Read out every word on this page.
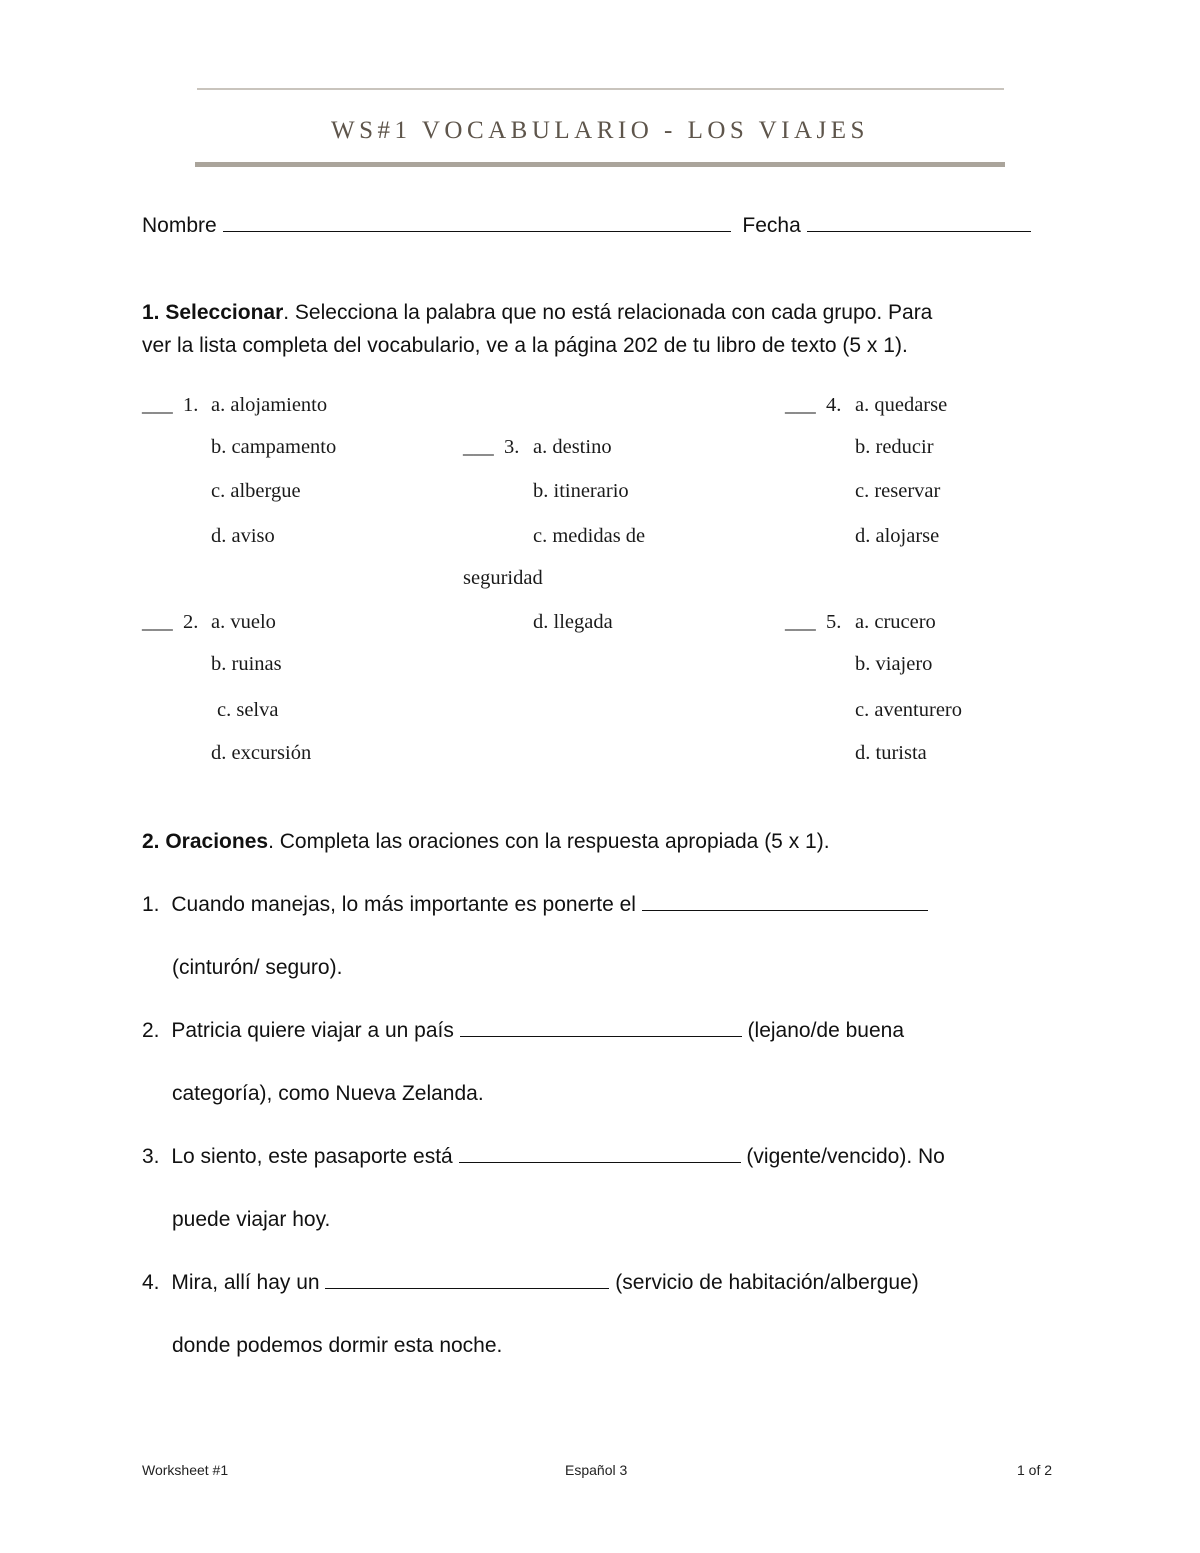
WS#1 VOCABULARIO - LOS VIAJES
Nombre	Fecha
1. Seleccionar. Selecciona la palabra que no está relacionada con cada grupo. Para
ver la lista completa del vocabulario, ve a la página 202 de tu libro de texto (5 x 1).
___ 1. a. alojamiento
b. campamento
c. albergue
d. aviso
___ 2. a. vuelo
b. ruinas
c. selva
d. excursión
___ 3. a. destino
b. itinerario
c. medidas de
seguridad
d. llegada
___ 4. a. quedarse
b. reducir
c. reservar
d. alojarse
___ 5. a. crucero
b. viajero
c. aventurero
d. turista
2. Oraciones. Completa las oraciones con la respuesta apropiada (5 x 1).
1. Cuando manejas, lo más importante es ponerte el
(cinturón/ seguro).
2. Patricia quiere viajar a un país	(lejano/de buena
categoría), como Nueva Zelanda.
3. Lo siento, este pasaporte está	(vigente/vencido). No
puede viajar hoy.
4. Mira, allí hay un	(servicio de habitación/albergue)
donde podemos dormir esta noche.
Worksheet #1	Español 3	1 of 2
